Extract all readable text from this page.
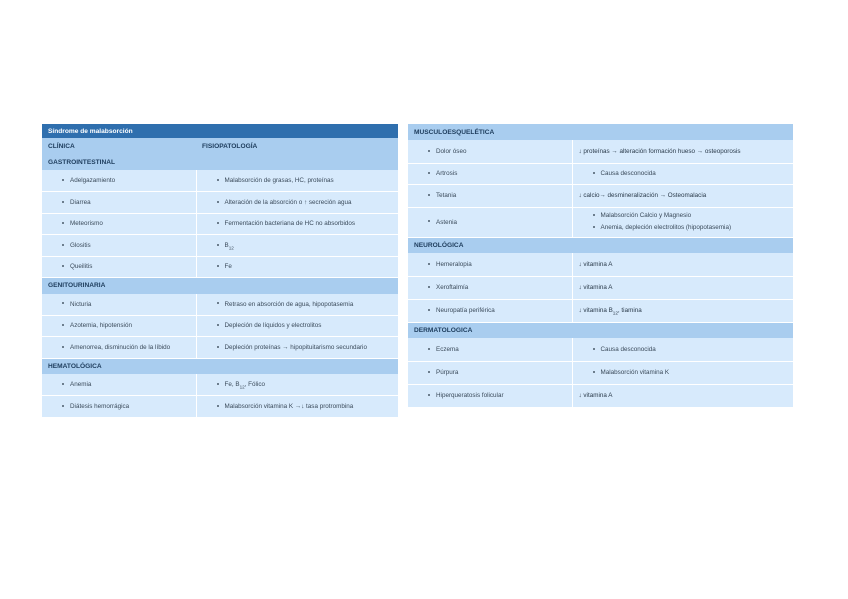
Síndrome de malabsorción	
CLÍNICA	FISIOPATOLOGÍA
GASTROINTESTINAL	
Adelgazamiento	Malabsorción de grasas, HC, proteínas
Diarrea	Alteración de la absorción o ↑ secreción agua
Meteorismo	Fermentación bacteriana de HC no absorbidos
Glositis	$B_{12}$
Queilitis	Fe
GENITOURINARIA	
Nicturia	Retraso en absorción de agua, hipopotasemia
Azotemia, hipotensión	Depleción de líquidos y electrolitos
Amenorrea, disminución de la líbido	Depleción proteínas → hipopituitarismo secundario
HEMATOLÓGICA	
Anemia	Fe, $B_{12}$, Fólico
Diátesis hemorrágica	Malabsorción vitamina K →↓ tasa protrombina
MUSCULOESQUELÉTICA	
Dolor óseo	↓ proteínas → alteración formación hueso → osteoporosis
Artrosis	Causa desconocida
Tetania	↓ calcio→ desmineralización → Osteomalacia
Astenia	Malabsorción Calcio y Magnesio
Anemia, depleción electrolitos (hipopotasemia)

NEUROLÓGICA	
Hemeralopia	↓ vitamina A
Xeroftalmía	↓ vitamina A
Neuropatía periférica	↓ vitamina $B_{12}$, tiamina
DERMATOLOGICA	
Eczema	Causa desconocida
Púrpura	Malabsorción vitamina K
Hiperqueratosis folicular	↓ vitamina A
